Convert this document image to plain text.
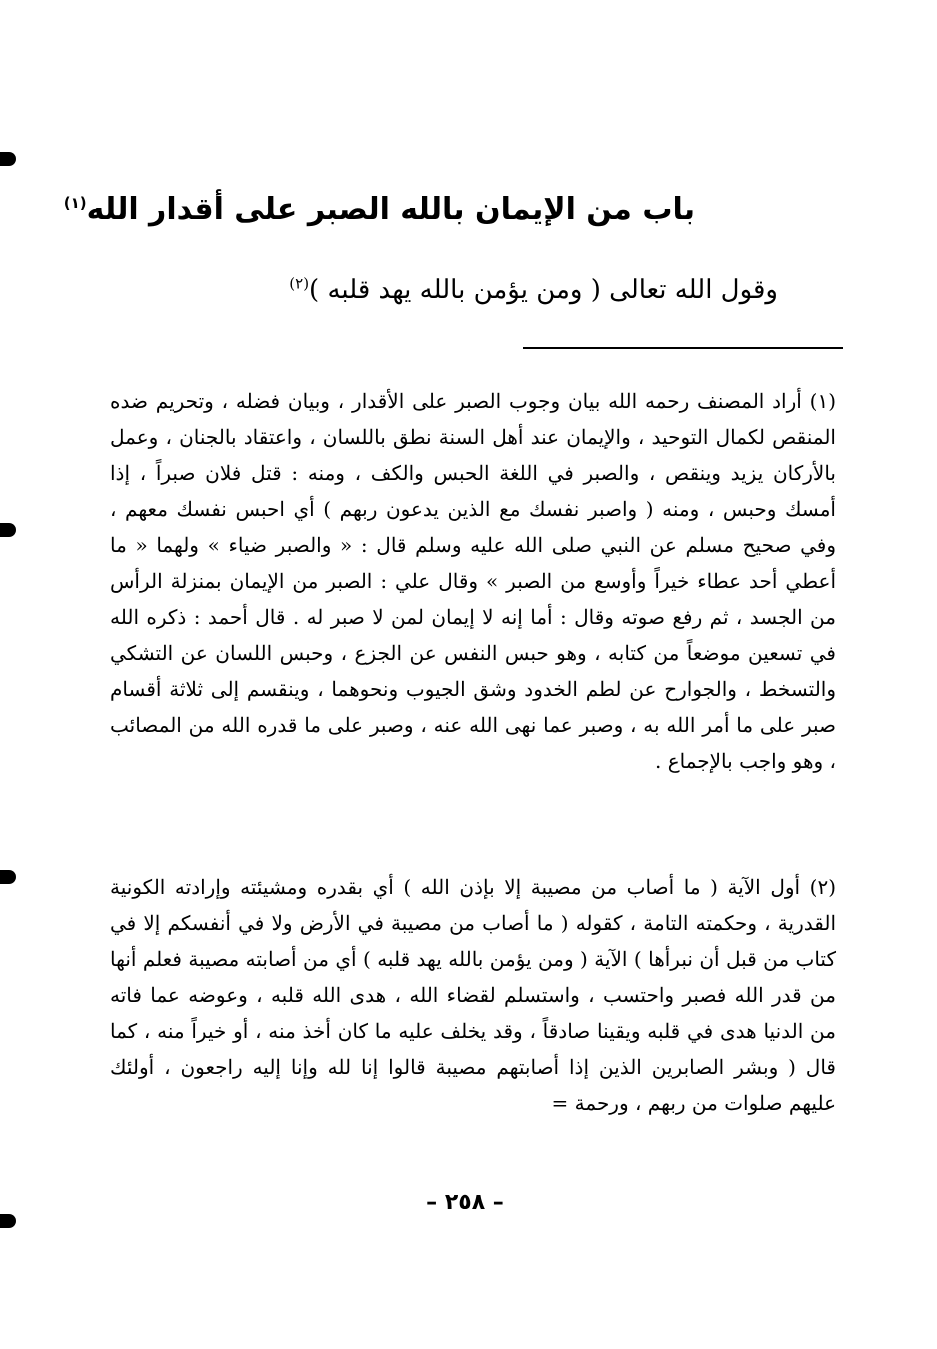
باب من الإيمان بالله الصبر على أقدار الله$^{(١)}$
وقول الله تعالى ( ومن يؤمن بالله يهد قلبه )$^{(٢)}$
(١) أراد المصنف رحمه الله بيان وجوب الصبر على الأقدار ، وبيان فضله ، وتحريم ضده المنقص لكمال التوحيد ، والإيمان عند أهل السنة نطق باللسان ، واعتقاد بالجنان ، وعمل بالأركان يزيد وينقص ، والصبر في اللغة الحبس والكف ، ومنه : قتل فلان صبراً ، إذا أمسك وحبس ، ومنه ( واصبر نفسك مع الذين يدعون ربهم ) أي احبس نفسك معهم ، وفي صحيح مسلم عن النبي صلى الله عليه وسلم قال : « والصبر ضياء » ولهما « ما أعطي أحد عطاء خيراً وأوسع من الصبر » وقال علي : الصبر من الإيمان بمنزلة الرأس من الجسد ، ثم رفع صوته وقال : أما إنه لا إيمان لمن لا صبر له . قال أحمد : ذكره الله في تسعين موضعاً من كتابه ، وهو حبس النفس عن الجزع ، وحبس اللسان عن التشكي والتسخط ، والجوارح عن لطم الخدود وشق الجيوب ونحوهما ، وينقسم إلى ثلاثة أقسام صبر على ما أمر الله به ، وصبر عما نهى الله عنه ، وصبر على ما قدره الله من المصائب ، وهو واجب بالإجماع .
(٢) أول الآية ( ما أصاب من مصيبة إلا بإذن الله ) أي بقدره ومشيئته وإرادته الكونية القدرية ، وحكمته التامة ، كقوله ( ما أصاب من مصيبة في الأرض ولا في أنفسكم إلا في كتاب من قبل أن نبرأها ) الآية ( ومن يؤمن بالله يهد قلبه ) أي من أصابته مصيبة فعلم أنها من قدر الله فصبر واحتسب ، واستسلم لقضاء الله ، هدى الله قلبه ، وعوضه عما فاته من الدنيا هدى في قلبه ويقينا صادقاً ، وقد يخلف عليه ما كان أخذ منه ، أو خيراً منه ، كما قال ( وبشر الصابرين الذين إذا أصابتهم مصيبة قالوا إنا لله وإنا إليه راجعون ، أولئك عليهم صلوات من ربهم ، ورحمة =
– ٢٥٨ –
